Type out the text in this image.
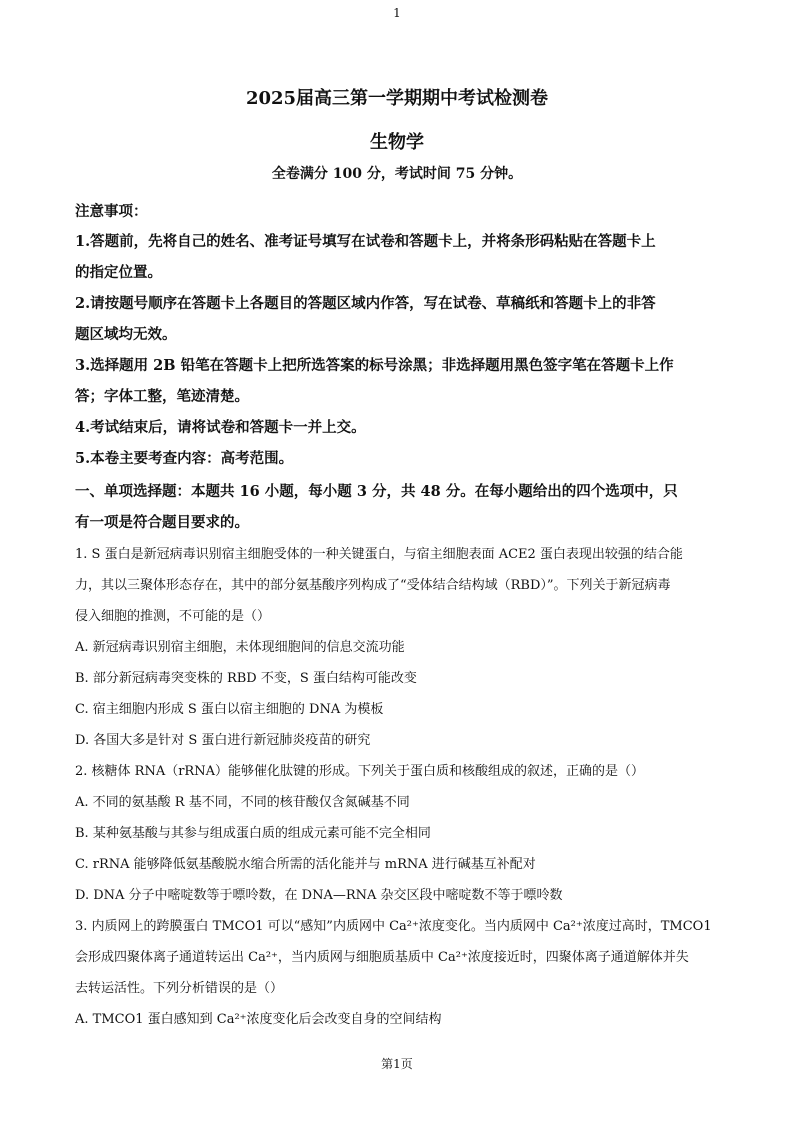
1
2025届高三第一学期期中考试检测卷
生物学
全卷满分 100 分，考试时间 75 分钟。
注意事项：
1.答题前，先将自己的姓名、准考证号填写在试卷和答题卡上，并将条形码粘贴在答题卡上
的指定位置。
2.请按题号顺序在答题卡上各题目的答题区域内作答，写在试卷、草稿纸和答题卡上的非答
题区域均无效。
3.选择题用 2B 铅笔在答题卡上把所选答案的标号涂黑；非选择题用黑色签字笔在答题卡上作
答；字体工整，笔迹清楚。
4.考试结束后，请将试卷和答题卡一并上交。
5.本卷主要考查内容：高考范围。
一、单项选择题：本题共 16 小题，每小题 3 分，共 48 分。在每小题给出的四个选项中，只
有一项是符合题目要求的。
1. S 蛋白是新冠病毒识别宿主细胞受体的一种关键蛋白，与宿主细胞表面 ACE2 蛋白表现出较强的结合能
力，其以三聚体形态存在，其中的部分氨基酸序列构成了“受体结合结构域（RBD）”。下列关于新冠病毒
侵入细胞的推测，不可能的是（）
A. 新冠病毒识别宿主细胞，未体现细胞间的信息交流功能
B. 部分新冠病毒突变株的 RBD 不变，S 蛋白结构可能改变
C. 宿主细胞内形成 S 蛋白以宿主细胞的 DNA 为模板
D. 各国大多是针对 S 蛋白进行新冠肺炎疫苗的研究
2. 核糖体 RNA（rRNA）能够催化肽键的形成。下列关于蛋白质和核酸组成的叙述，正确的是（）
A. 不同的氨基酸 R 基不同，不同的核苷酸仅含氮碱基不同
B. 某种氨基酸与其参与组成蛋白质的组成元素可能不完全相同
C. rRNA 能够降低氨基酸脱水缩合所需的活化能并与 mRNA 进行碱基互补配对
D. DNA 分子中嘧啶数等于嘌呤数，在 DNA—RNA 杂交区段中嘧啶数不等于嘌呤数
3. 内质网上的跨膜蛋白 TMCO1 可以“感知”内质网中 Ca²⁺浓度变化。当内质网中 Ca²⁺浓度过高时，TMCO1
会形成四聚体离子通道转运出 Ca²⁺，当内质网与细胞质基质中 Ca²⁺浓度接近时，四聚体离子通道解体并失
去转运活性。下列分析错误的是（）
A. TMCO1 蛋白感知到 Ca²⁺浓度变化后会改变自身的空间结构
第1页
